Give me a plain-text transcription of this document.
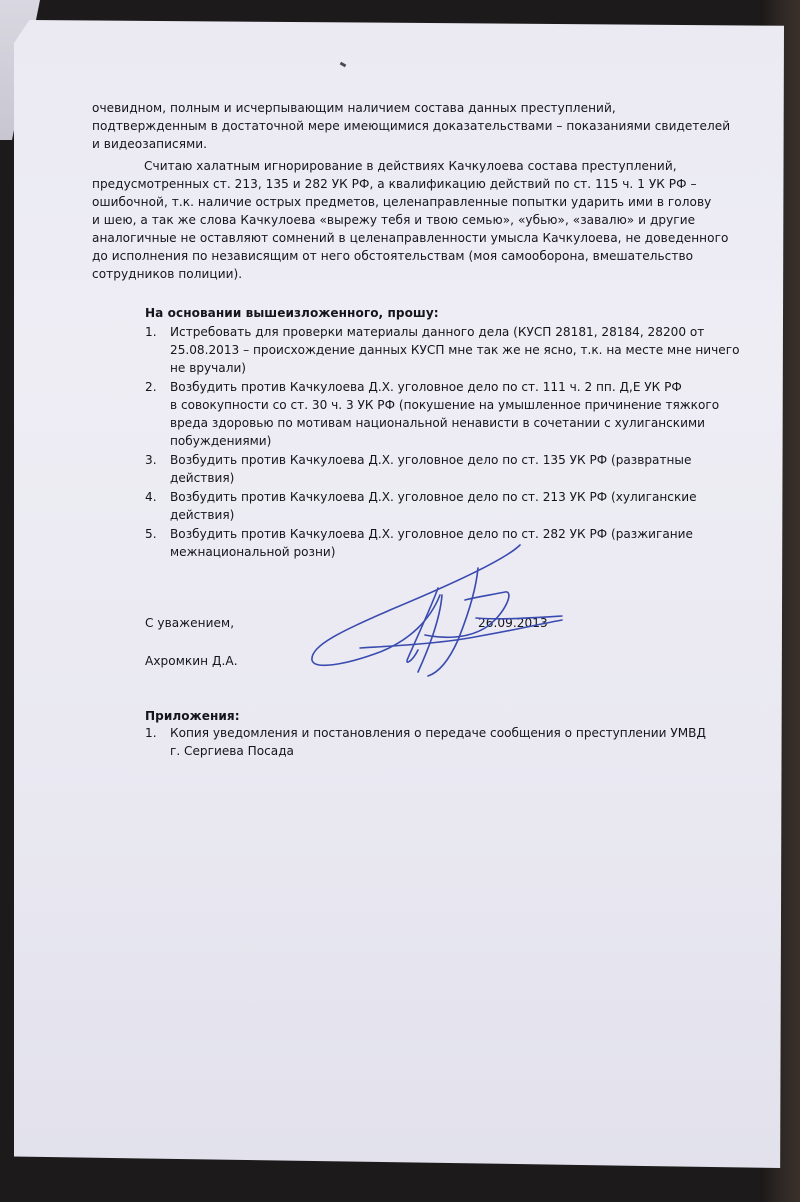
очевидном, полным и исчерпывающим наличием состава данных преступлений,
подтвержденным в достаточной мере имеющимися доказательствами – показаниями свидетелей
и видеозаписями.
Считаю халатным игнорирование в действиях Качкулоева состава преступлений,
предусмотренных ст. 213, 135 и 282 УК РФ, а квалификацию действий по ст. 115 ч. 1 УК РФ –
ошибочной, т.к. наличие острых предметов, целенаправленные попытки ударить ими в голову
и шею, а так же слова Качкулоева «вырежу тебя и твою семью», «убью», «завалю» и другие
аналогичные не оставляют сомнений в целенаправленности умысла Качкулоева, не доведенного
до исполнения по независящим от него обстоятельствам (моя самооборона, вмешательство
сотрудников полиции).
На основании вышеизложенного, прошу:
1.	Истребовать для проверки материалы данного дела (КУСП 28181, 28184, 28200 от
25.08.2013 – происхождение данных КУСП мне так же не ясно, т.к. на месте мне ничего
не вручали)
2.	Возбудить против Качкулоева Д.Х. уголовное дело по ст. 111 ч. 2 пп. Д,Е УК РФ
в совокупности со ст. 30 ч. 3 УК РФ (покушение на умышленное причинение тяжкого
вреда здоровью по мотивам национальной ненависти в сочетании с хулиганскими
побуждениями)
3.	Возбудить против Качкулоева Д.Х. уголовное дело по ст. 135 УК РФ (развратные
действия)
4.	Возбудить против Качкулоева Д.Х. уголовное дело по ст. 213 УК РФ (хулиганские
действия)
5.	Возбудить против Качкулоева Д.Х. уголовное дело по ст. 282 УК РФ (разжигание
межнациональной розни)
С уважением,	26.09.2013
Ахромкин Д.А.
Приложения:
1.	Копия уведомления и постановления о передаче сообщения о преступлении УМВД
г. Сергиева Посада
